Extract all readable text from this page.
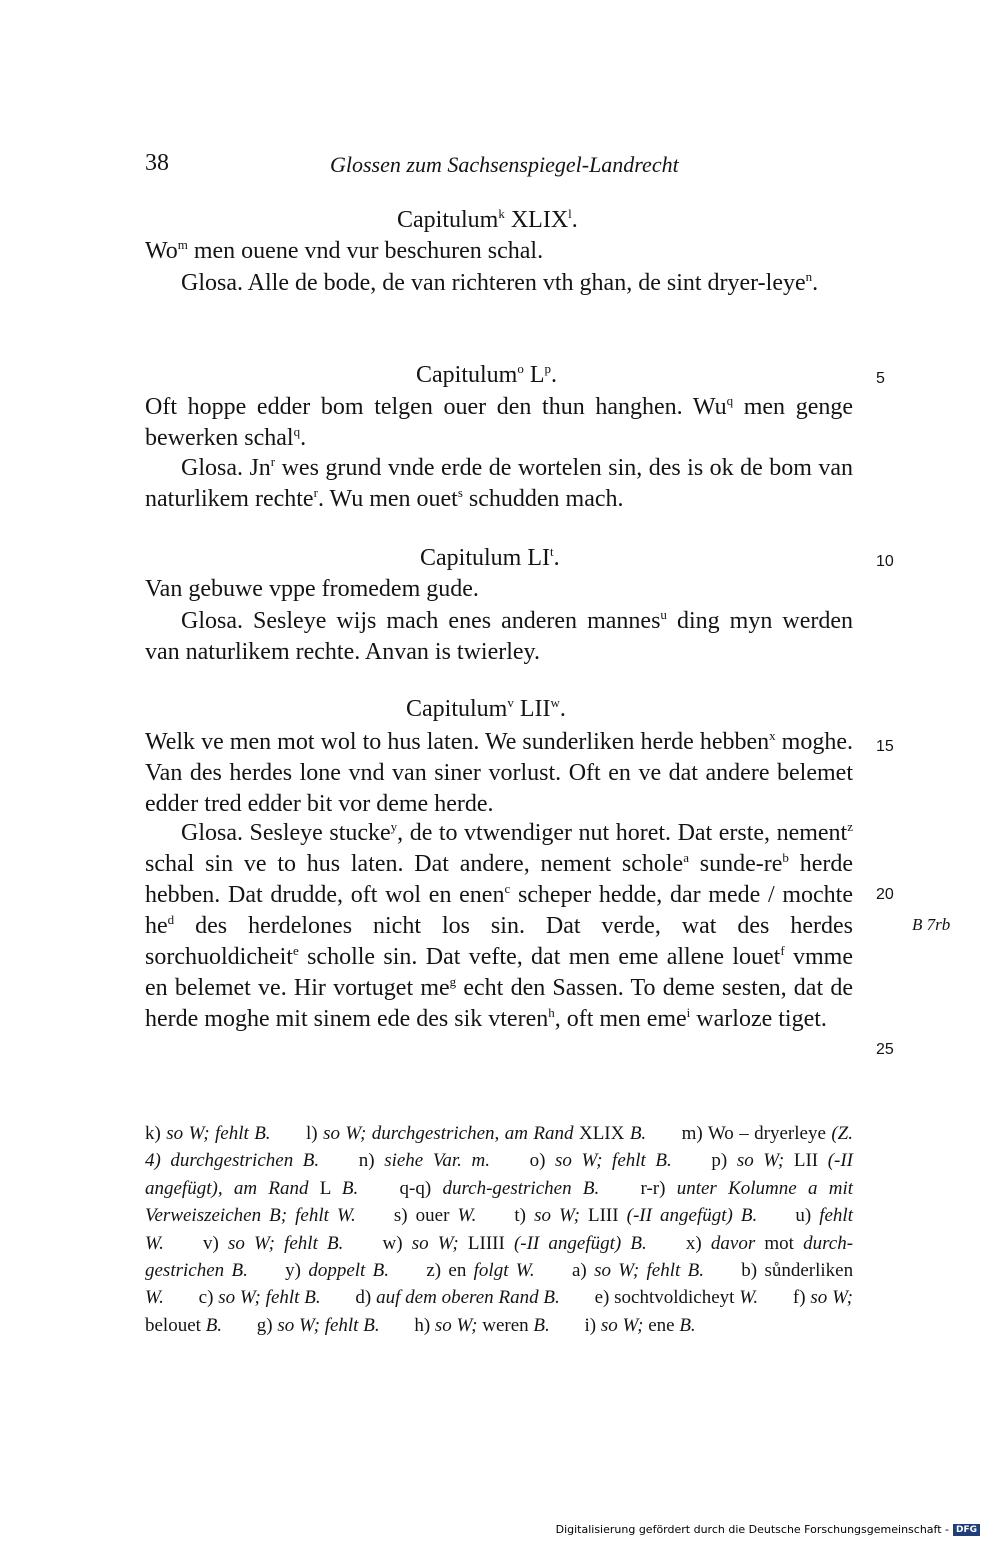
38	Glossen zum Sachsenspiegel-Landrecht
Capitulum$^k$ XLIX$^l$.
Wo$^m$ men ouene vnd vur beschuren schal.

Glosa. Alle de bode, de van richteren vth ghan, de sint dryer-leye$^n$.

Capitulum$^o$ $L^p$.

Oft hoppe edder bom telgen ouer den thun hanghen. Wu$^q$ men genge bewerken schal$^q$.

Glosa. Jn$^r$ wes grund vnde erde de wortelen sin, des is ok de bom van naturlikem rechte$^r$. Wu men ouet$^s$ schudden mach.

Capitulum $LI^t$.
Van gebuwe vppe fromedem gude.

Glosa. Sesleye wijs mach enes anderen mannes$^u$ ding myn werden van naturlikem rechte. Anvan is twierley.

Capitulum$^v$ LII$^w$.

Welk ve men mot wol to hus laten. We sunderliken herde hebben$^x$ moghe. Van des herdes lone vnd van siner vorlust. Oft en ve dat andere belemet edder tred edder bit vor deme herde.

Glosa. Sesleye stucke$^y$, de to vtwendiger nut horet. Dat erste, nement$^z$ schal sin ve to hus laten. Dat andere, nement schole$^a$ sunde-$re^b$ herde hebben. Dat drudde, oft wol en enen$^c$ scheper hedde, dar mede / mochte $he^d$ des herdelones nicht los sin. Dat verde, wat des herdes sorchuoldicheit$^e$ scholle sin. Dat vefte, dat men eme allene louet$^f$ vmme en belemet ve. Hir vortuget $me^g$ echt den Sassen. To deme sesten, dat de herde moghe mit sinem ede des sik vteren$^h$, oft men eme$^i$ warloze tiget.

5
10
15
20
25
B 7rb

k) so W; fehlt B. l) so W; durchgestrichen, am Rand XLIX B. m) Wo – dryerleye (Z. 4) durchgestrichen B. n) siehe Var. m. o) so W; fehlt B. p) so W; LII (-II angefügt), am Rand L B. q-q) durch-gestrichen B. r-r) unter Kolumne a mit Verweiszeichen B; fehlt W. s) ouer W. t) so W; LIII (-II angefügt) B. u) fehlt W. v) so W; fehlt B. w) so W; LIIII (-II angefügt) B. x) davor mot durch-gestrichen B. y) doppelt B. z) en folgt W. a) so W; fehlt B. b) sůnderliken W. c) so W; fehlt B. d) auf dem oberen Rand B. e) sochtvoldicheyt W. f) so W; belouet B. g) so W; fehlt B. h) so W; weren B. i) so W; ene B.

Digitalisierung gefördert durch die Deutsche Forschungsgemeinschaft - DFG
